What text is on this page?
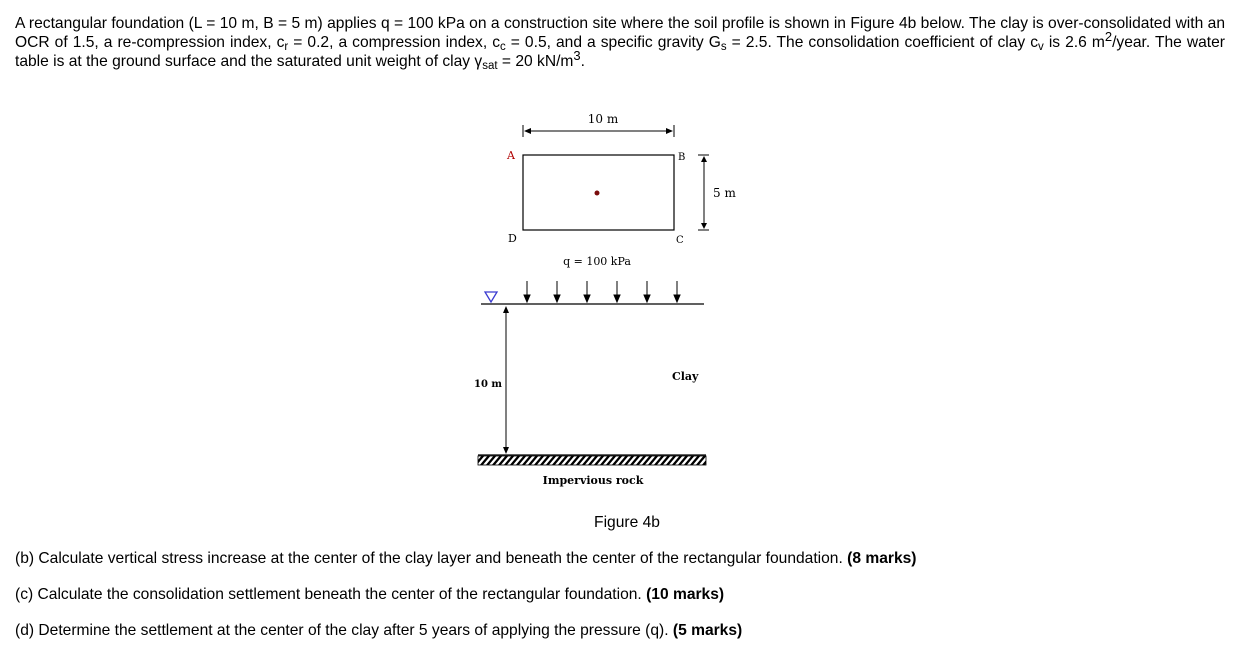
A rectangular foundation (L = 10 m, B = 5 m) applies q = 100 kPa on a construction site where the soil profile is shown in Figure 4b below. The clay is over-consolidated with an OCR of 1.5, a re-compression index, $c_r = 0.2$, a compression index, $c_c = 0.5$, and a specific gravity $G_s = 2.5$. The consolidation coefficient of clay $c_v$ is 2.6 $m^2$/year. The water table is at the ground surface and the saturated unit weight of clay $\gamma_{sat} = 20$ $kN/m^3$.

10 m
A	B
C
D
5 m
q = 100 kPa
10 m
Clay
Impervious rock

Figure 4b

(b) Calculate vertical stress increase at the center of the clay layer and beneath the center of the rectangular foundation. (8 marks)

(c) Calculate the consolidation settlement beneath the center of the rectangular foundation. (10 marks)

(d) Determine the settlement at the center of the clay after 5 years of applying the pressure (q). (5 marks)
